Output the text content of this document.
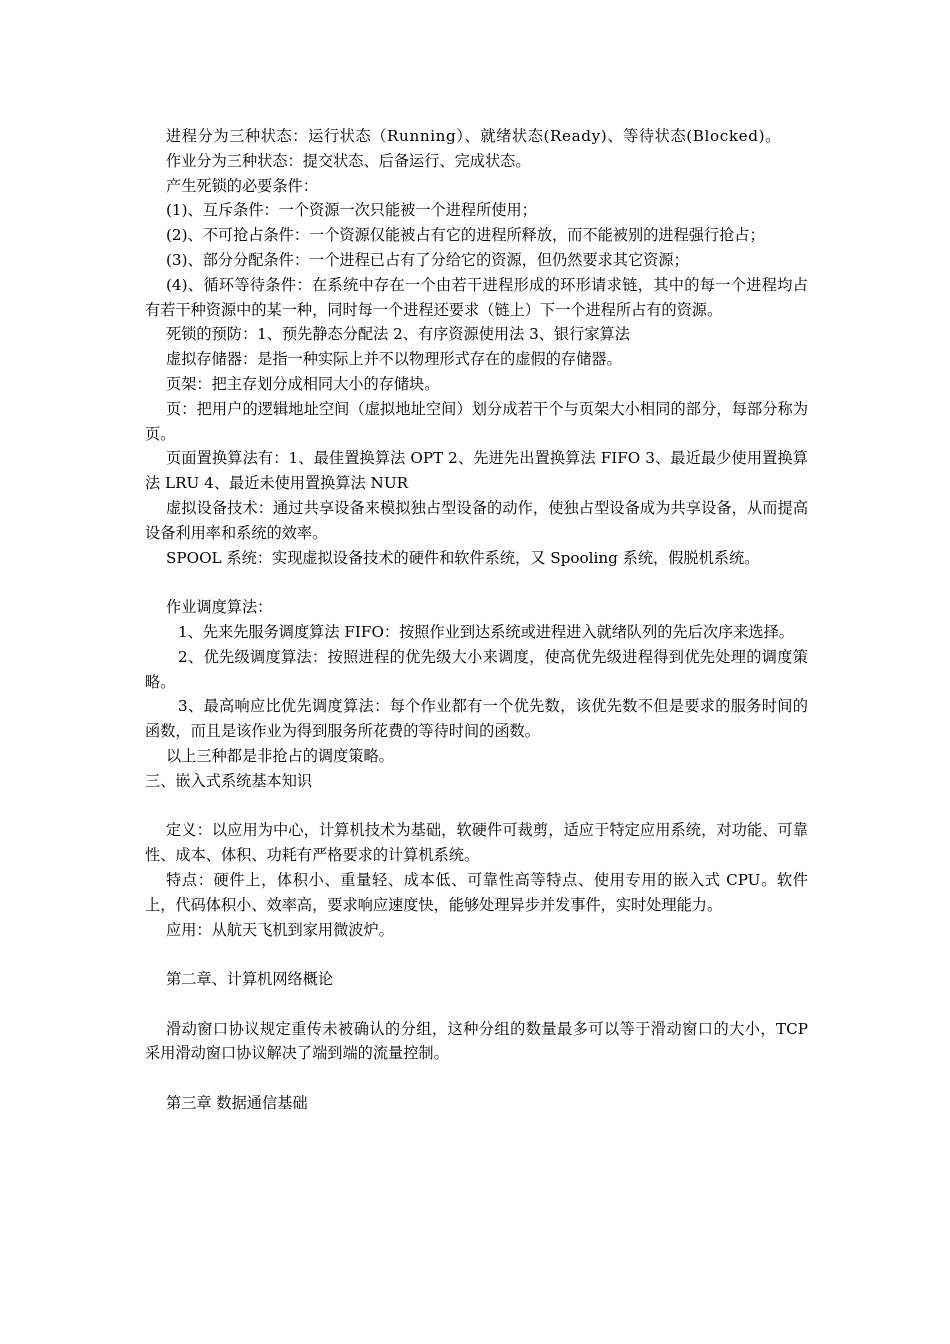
进程分为三种状态：运行状态（Running）、就绪状态(Ready)、等待状态(Blocked)。

作业分为三种状态：提交状态、后备运行、完成状态。

产生死锁的必要条件：

(1)、互斥条件：一个资源一次只能被一个进程所使用；

(2)、不可抢占条件：一个资源仅能被占有它的进程所释放，而不能被别的进程强行抢占；

(3)、部分分配条件：一个进程已占有了分给它的资源，但仍然要求其它资源；

(4)、循环等待条件：在系统中存在一个由若干进程形成的环形请求链，其中的每一个进程均占有若干种资源中的某一种，同时每一个进程还要求（链上）下一个进程所占有的资源。

死锁的预防：1、预先静态分配法 2、有序资源使用法 3、银行家算法

虚拟存储器：是指一种实际上并不以物理形式存在的虚假的存储器。

页架：把主存划分成相同大小的存储块。

页：把用户的逻辑地址空间（虚拟地址空间）划分成若干个与页架大小相同的部分，每部分称为页。

页面置换算法有：1、最佳置换算法 OPT 2、先进先出置换算法 FIFO 3、最近最少使用置换算法 LRU 4、最近未使用置换算法 NUR

虚拟设备技术：通过共享设备来模拟独占型设备的动作，使独占型设备成为共享设备，从而提高设备利用率和系统的效率。

SPOOL 系统：实现虚拟设备技术的硬件和软件系统，又 Spooling 系统，假脱机系统。

作业调度算法：

1、先来先服务调度算法 FIFO：按照作业到达系统或进程进入就绪队列的先后次序来选择。

2、优先级调度算法：按照进程的优先级大小来调度，使高优先级进程得到优先处理的调度策略。

3、最高响应比优先调度算法：每个作业都有一个优先数，该优先数不但是要求的服务时间的函数，而且是该作业为得到服务所花费的等待时间的函数。

以上三种都是非抢占的调度策略。

三、嵌入式系统基本知识

定义：以应用为中心，计算机技术为基础，软硬件可裁剪，适应于特定应用系统，对功能、可靠性、成本、体积、功耗有严格要求的计算机系统。

特点：硬件上，体积小、重量轻、成本低、可靠性高等特点、使用专用的嵌入式 CPU。软件上，代码体积小、效率高，要求响应速度快，能够处理异步并发事件，实时处理能力。

应用：从航天飞机到家用微波炉。

第二章、计算机网络概论

滑动窗口协议规定重传未被确认的分组，这种分组的数量最多可以等于滑动窗口的大小，TCP 采用滑动窗口协议解决了端到端的流量控制。

第三章 数据通信基础
